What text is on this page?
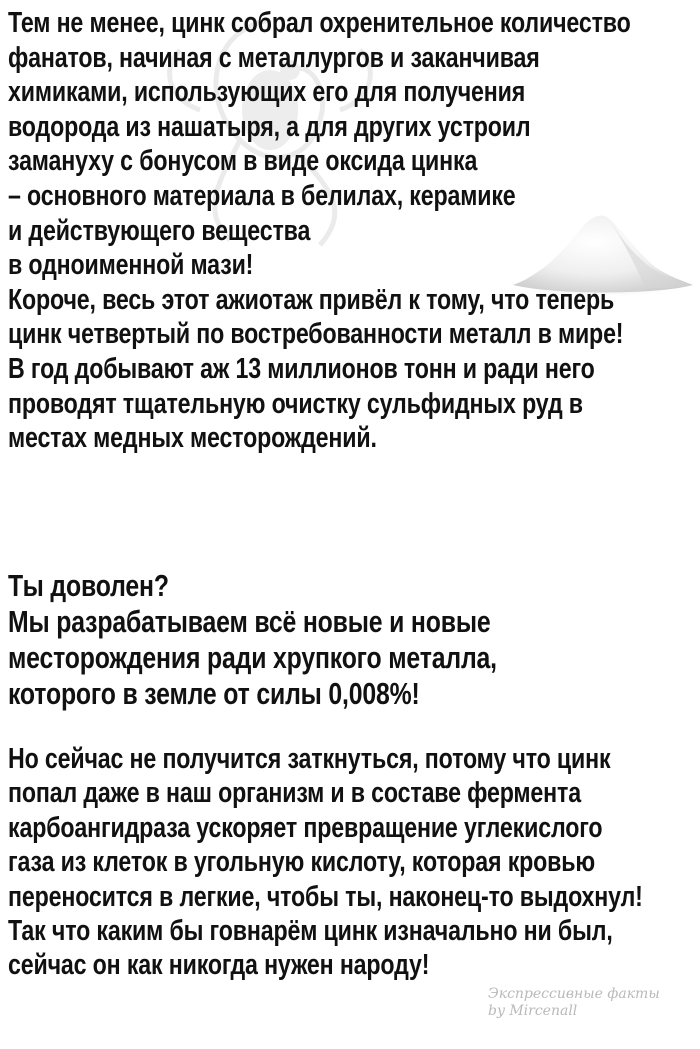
Тем не менее, цинк собрал охренительное количество
фанатов, начиная с металлургов и заканчивая
химиками, использующих его для получения
водорода из нашатыря, а для других устроил
замануху с бонусом в виде оксида цинка
– основного материала в белилах, керамике
и действующего вещества
в одноименной мази!
Короче, весь этот ажиотаж привёл к тому, что теперь
цинк четвертый по востребованности металл в мире!
В год добывают аж 13 миллионов тонн и ради него
проводят тщательную очистку сульфидных руд в
местах медных месторождений.
Ты доволен?
Мы разрабатываем всё новые и новые
месторождения ради хрупкого металла,
которого в земле от силы 0,008%!
Но сейчас не получится заткнуться, потому что цинк
попал даже в наш организм и в составе фермента
карбоангидраза ускоряет превращение углекислого
газа из клеток в угольную кислоту, которая кровью
переносится в легкие, чтобы ты, наконец-то выдохнул!
Так что каким бы говнарём цинк изначально ни был,
сейчас он как никогда нужен народу!
Экспрессивные факты
by Mircenall
